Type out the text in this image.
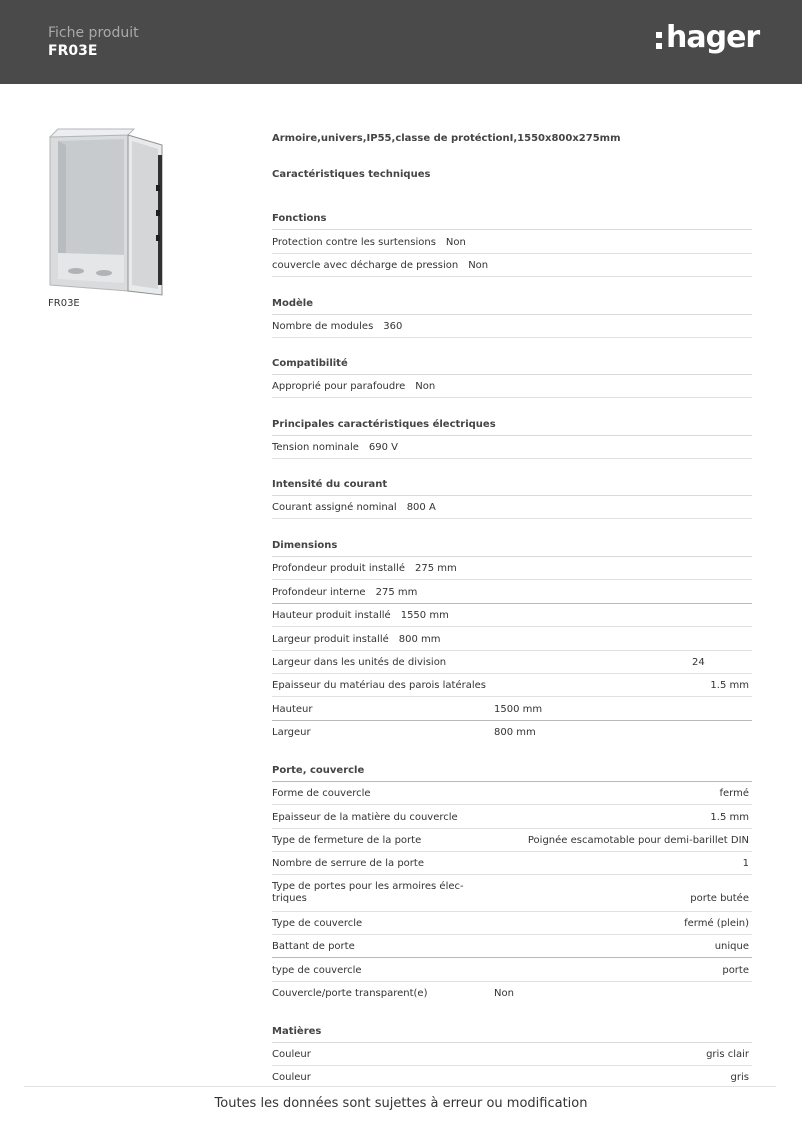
Fiche produit
FR03E	hager
FR03E
Armoire,univers,IP55,classe de protéctionI,1550x800x275mm
Caractéristiques techniques
Fonctions
Protection contre les surtensions Non
couvercle avec décharge de pression Non
Modèle
Nombre de modules 360
Compatibilité
Approprié pour parafoudre Non
Principales caractéristiques électriques
Tension nominale 690 V
Intensité du courant
Courant assigné nominal 800 A
Dimensions
Profondeur produit installé 275 mm
Profondeur interne 275 mm
Hauteur produit installé 1550 mm
Largeur produit installé 800 mm
Largeur dans les unités de division	24
Epaisseur du matériau des parois latérales	1.5 mm
Hauteur	1500 mm
Largeur	800 mm
Porte, couvercle
Forme de couvercle	fermé
Epaisseur de la matière du couvercle	1.5 mm
Type de fermeture de la porte	Poignée escamotable pour demi-barillet DIN
Nombre de serrure de la porte	1
Type de portes pour les armoires élec-triques	porte butée
Type de couvercle	fermé (plein)
Battant de porte	unique
type de couvercle	porte
Couvercle/porte transparent(e)	Non
Matières
Couleur	gris clair
Couleur	gris
Toutes les données sont sujettes à erreur ou modification
